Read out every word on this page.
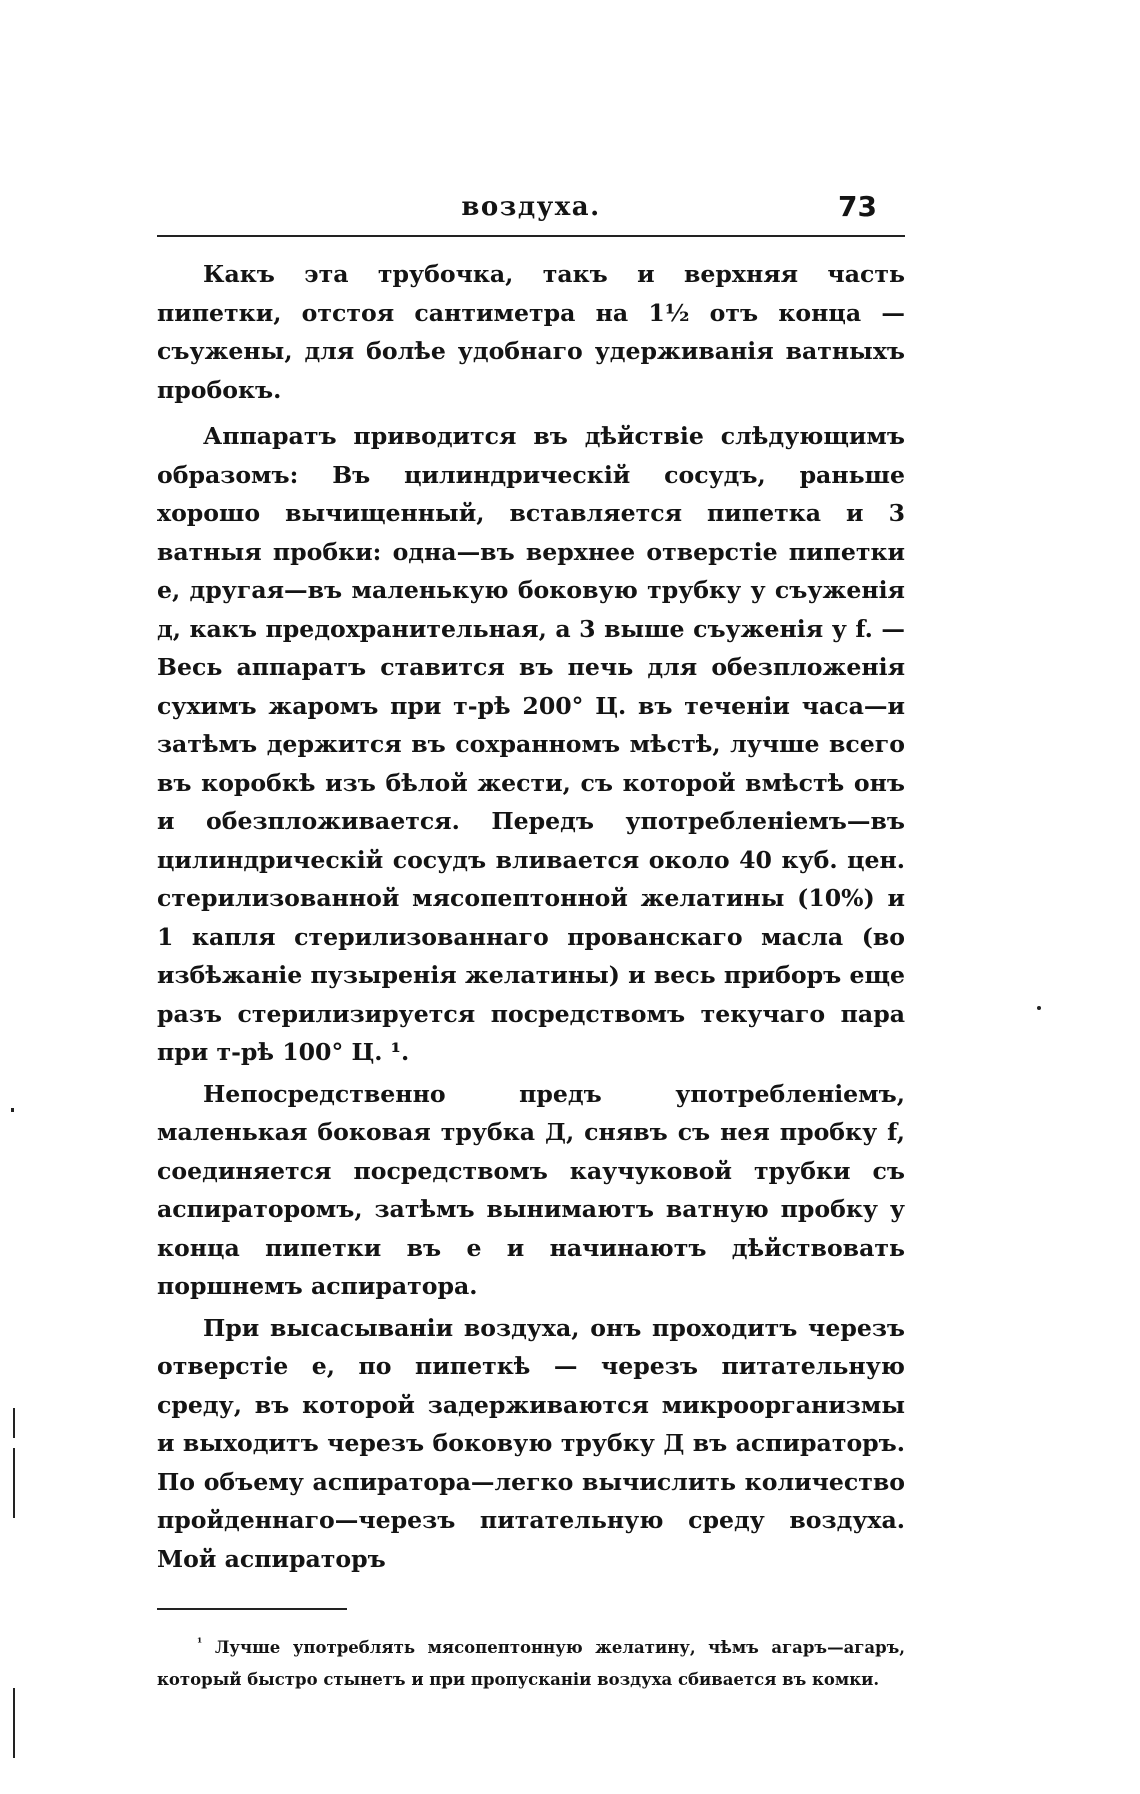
воздуха.	73

Какъ эта трубочка, такъ и верхняя часть пипетки, отстоя сантиметра на 1½ отъ конца — съужены, для болѣе удобнаго удерживанія ватныхъ пробокъ.

Аппаратъ приводится въ дѣйствіе слѣдующимъ образомъ: Въ цилиндрическій сосудъ, раньше хорошо вычищенный, вставляется пипетка и 3 ватныя пробки: одна—въ верхнее отверстіе пипетки е, другая—въ маленькую боковую трубку у съуженія д, какъ предохранительная, а 3 выше съуженія у f. — Весь аппаратъ ставится въ печь для обезпложенія сухимъ жаромъ при т-рѣ 200° Ц. въ теченіи часа—и затѣмъ держится въ сохранномъ мѣстѣ, лучше всего въ коробкѣ изъ бѣлой жести, съ которой вмѣстѣ онъ и обезпложивается. Передъ употребленіемъ—въ цилиндрическій сосудъ вливается около 40 куб. цен. стерилизованной мясопептонной желатины (10%) и 1 капля стерилизованнаго прованскаго масла (во избѣжаніе пузыренія желатины) и весь приборъ еще разъ стерилизируется посредствомъ текучаго пара при т-рѣ 100° Ц. ¹.

Непосредственно предъ употребленіемъ, маленькая боковая трубка Д, снявъ съ нея пробку f, соединяется посредствомъ каучуковой трубки съ аспираторомъ, затѣмъ вынимаютъ ватную пробку у конца пипетки въ е и начинаютъ дѣйствовать поршнемъ аспиратора.

При высасываніи воздуха, онъ проходитъ черезъ отверстіе е, по пипеткѣ — черезъ питательную среду, въ которой задерживаются микроорганизмы и выходитъ черезъ боковую трубку Д въ аспираторъ. По объему аспиратора—легко вычислить количество пройденнаго—черезъ питательную среду воздуха. Мой аспираторъ

$^{^1}$ Лучше употреблять мясопептонную желатину, чѣмъ агаръ—агаръ, который быстро стынетъ и при пропусканіи воздуха сбивается въ комки.
